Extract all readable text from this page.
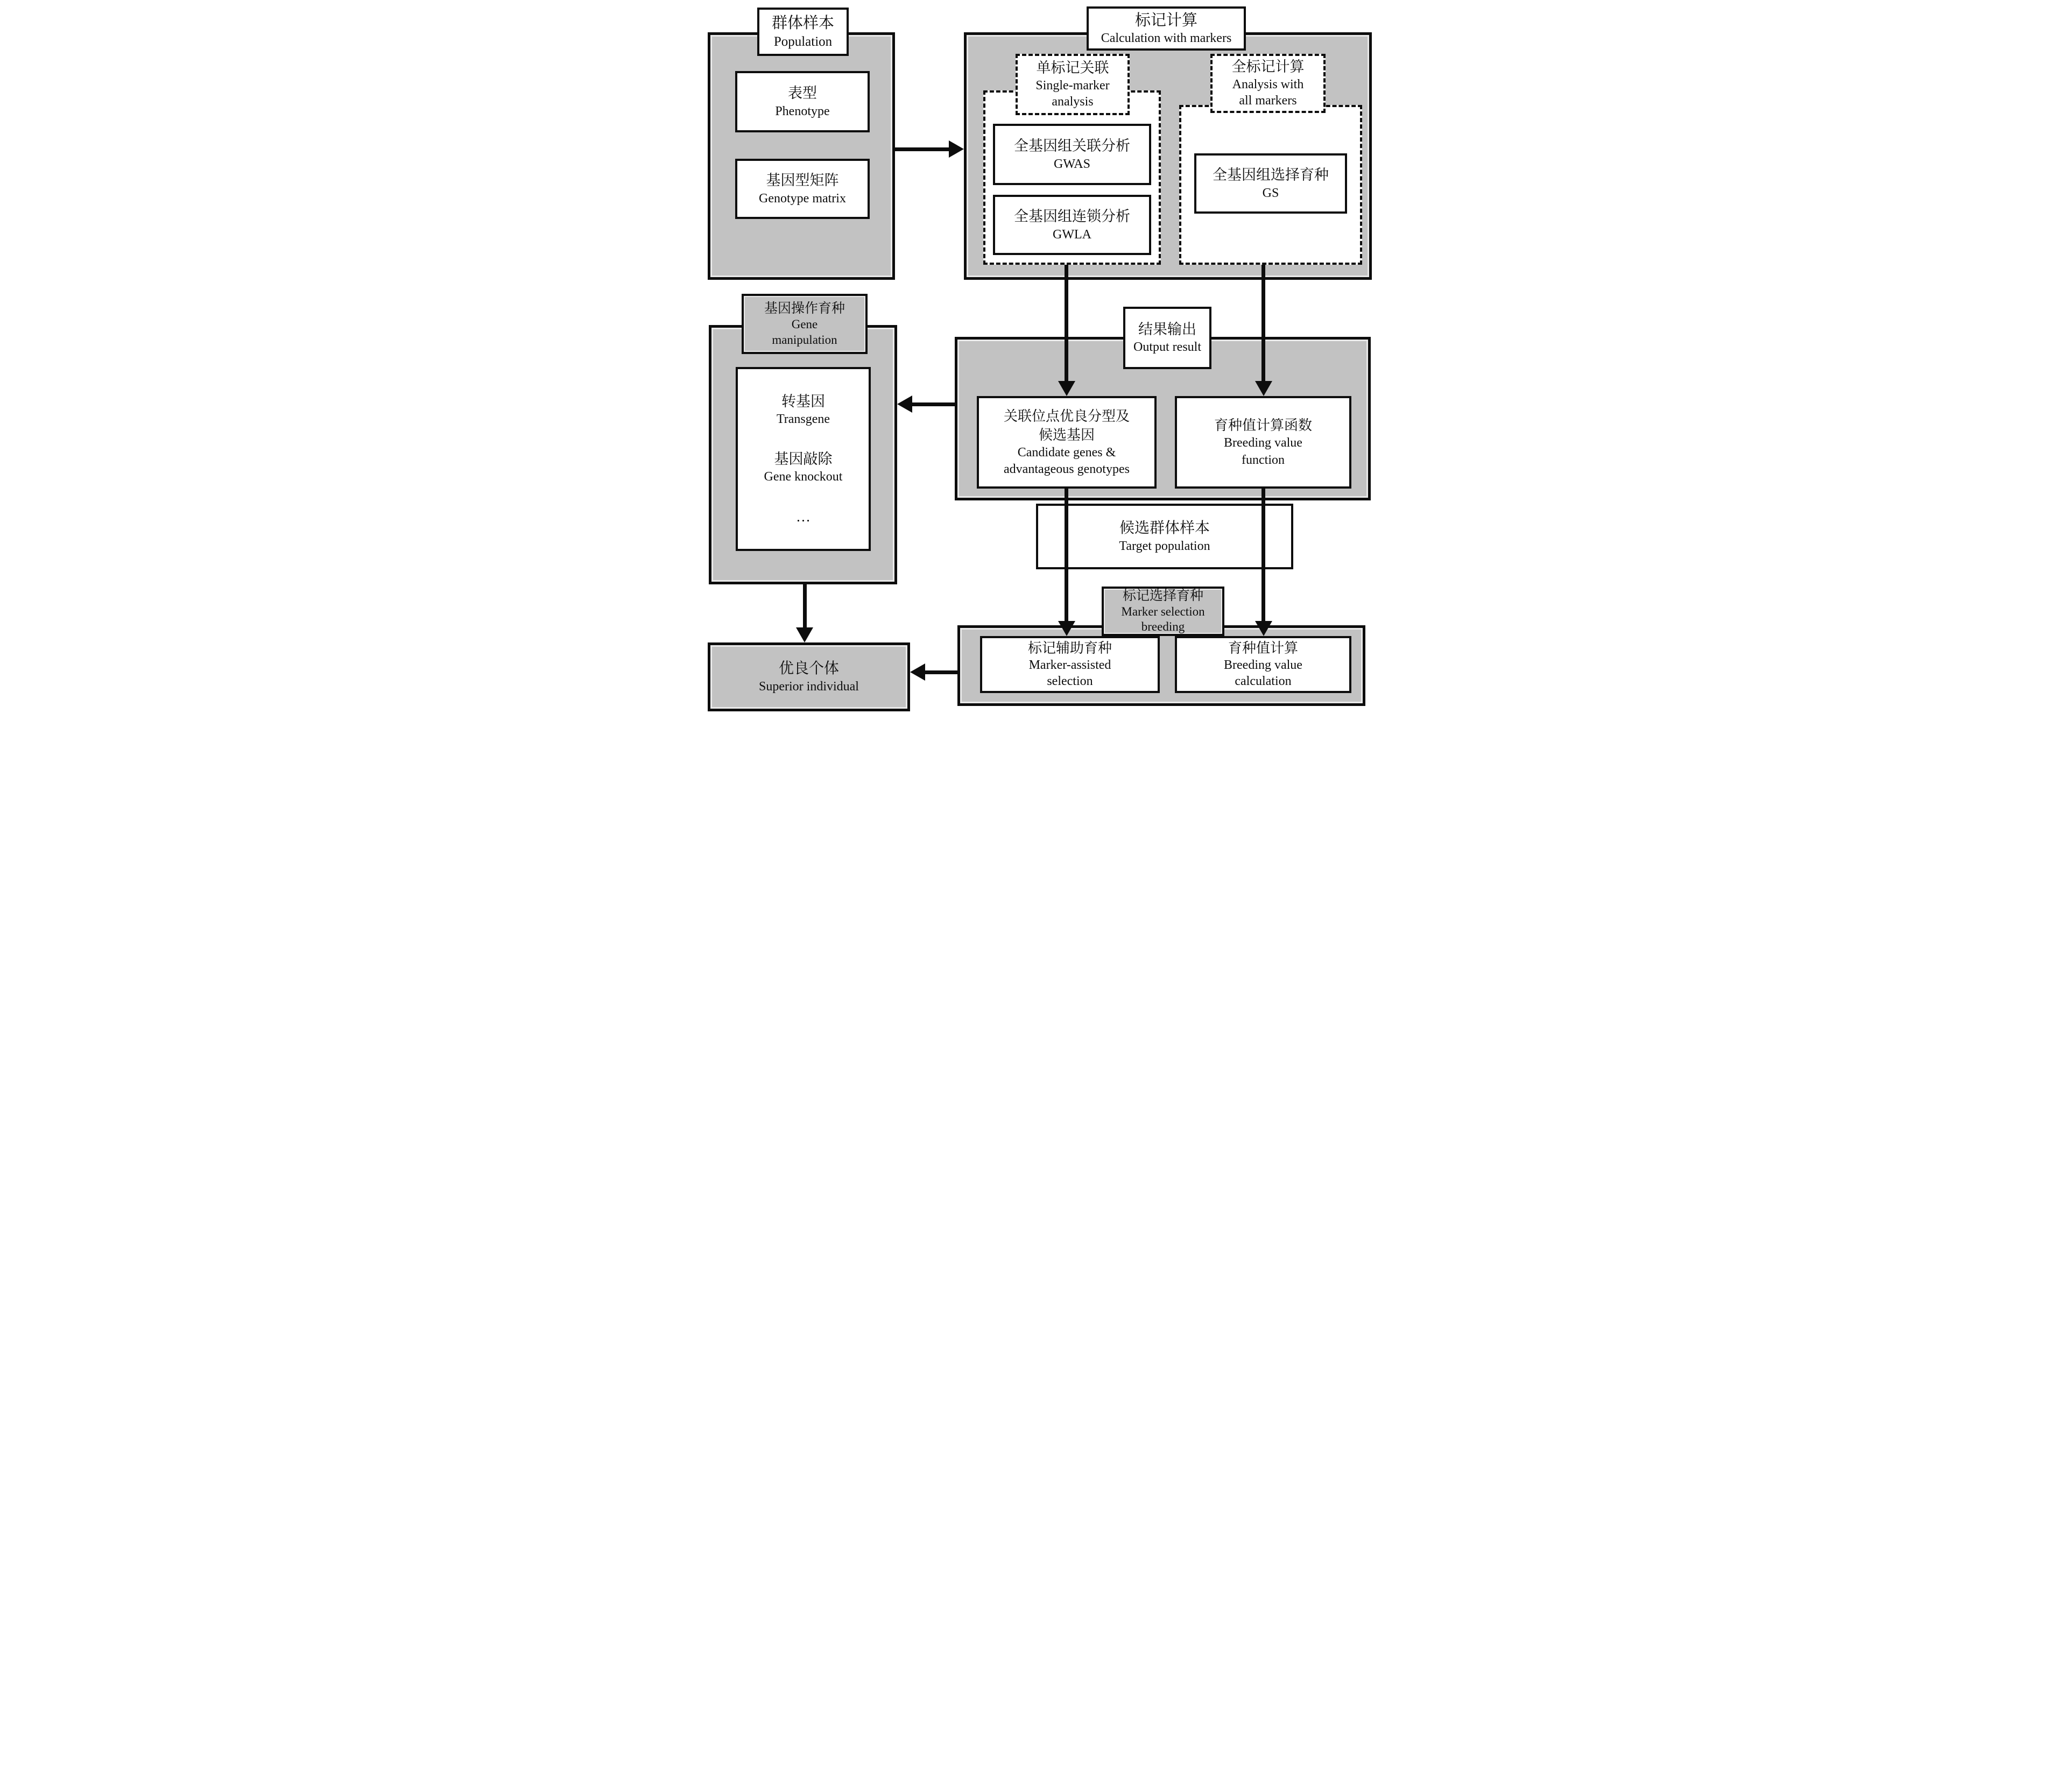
群体样本
Population
表型
Phenotype
基因型矩阵
Genotype matrix
标记计算
Calculation with markers
单标记关联
Single-marker
analysis
全基因组关联分析
GWAS
全基因组连锁分析
GWLA
全标记计算
Analysis with
all markers
全基因组选择育种
GS
结果输出
Output result
关联位点优良分型及
候选基因
Candidate genes &
advantageous genotypes
育种值计算函数
Breeding value
function
基因操作育种
Gene
manipulation
转基因
Transgene
基因敲除
Gene knockout
…
候选群体样本
Target population
标记选择育种
Marker selection
breeding
标记辅助育种
Marker-assisted
selection
育种值计算
Breeding value
calculation
优良个体
Superior individual
